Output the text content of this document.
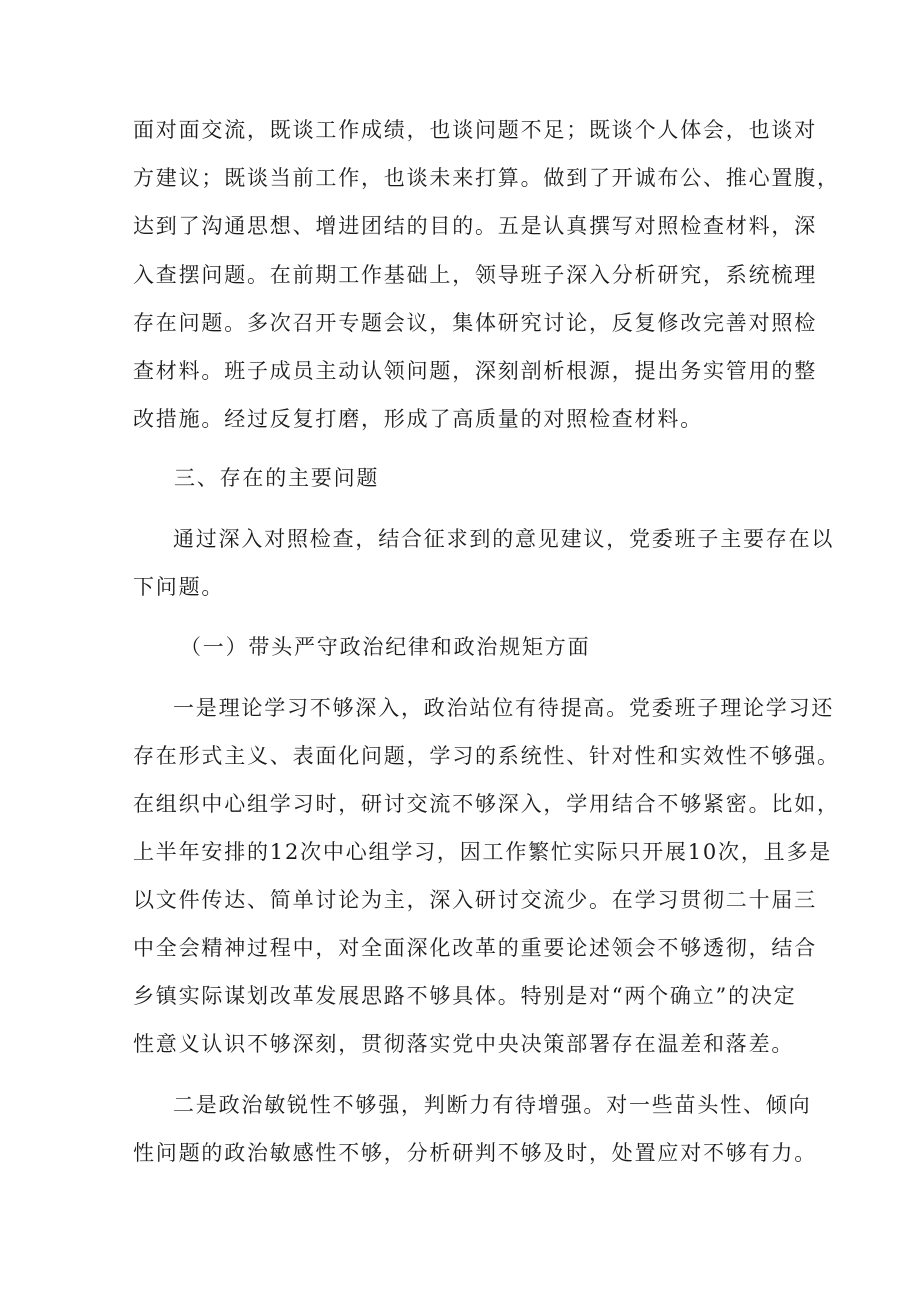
面对面交流，既谈工作成绩，也谈问题不足；既谈个人体会，也谈对
方建议；既谈当前工作，也谈未来打算。做到了开诚布公、推心置腹，
达到了沟通思想、增进团结的目的。五是认真撰写对照检查材料，深
入查摆问题。在前期工作基础上，领导班子深入分析研究，系统梳理
存在问题。多次召开专题会议，集体研究讨论，反复修改完善对照检
查材料。班子成员主动认领问题，深刻剖析根源，提出务实管用的整
改措施。经过反复打磨，形成了高质量的对照检查材料。
三、存在的主要问题
通过深入对照检查，结合征求到的意见建议，党委班子主要存在以
下问题。
（一）带头严守政治纪律和政治规矩方面
一是理论学习不够深入，政治站位有待提高。党委班子理论学习还
存在形式主义、表面化问题，学习的系统性、针对性和实效性不够强。
在组织中心组学习时，研讨交流不够深入，学用结合不够紧密。比如，
上半年安排的12次中心组学习，因工作繁忙实际只开展10次，且多是
以文件传达、简单讨论为主，深入研讨交流少。在学习贯彻二十届三
中全会精神过程中，对全面深化改革的重要论述领会不够透彻，结合
乡镇实际谋划改革发展思路不够具体。特别是对“两个确立”的决定
性意义认识不够深刻，贯彻落实党中央决策部署存在温差和落差。
二是政治敏锐性不够强，判断力有待增强。对一些苗头性、倾向
性问题的政治敏感性不够，分析研判不够及时，处置应对不够有力。
